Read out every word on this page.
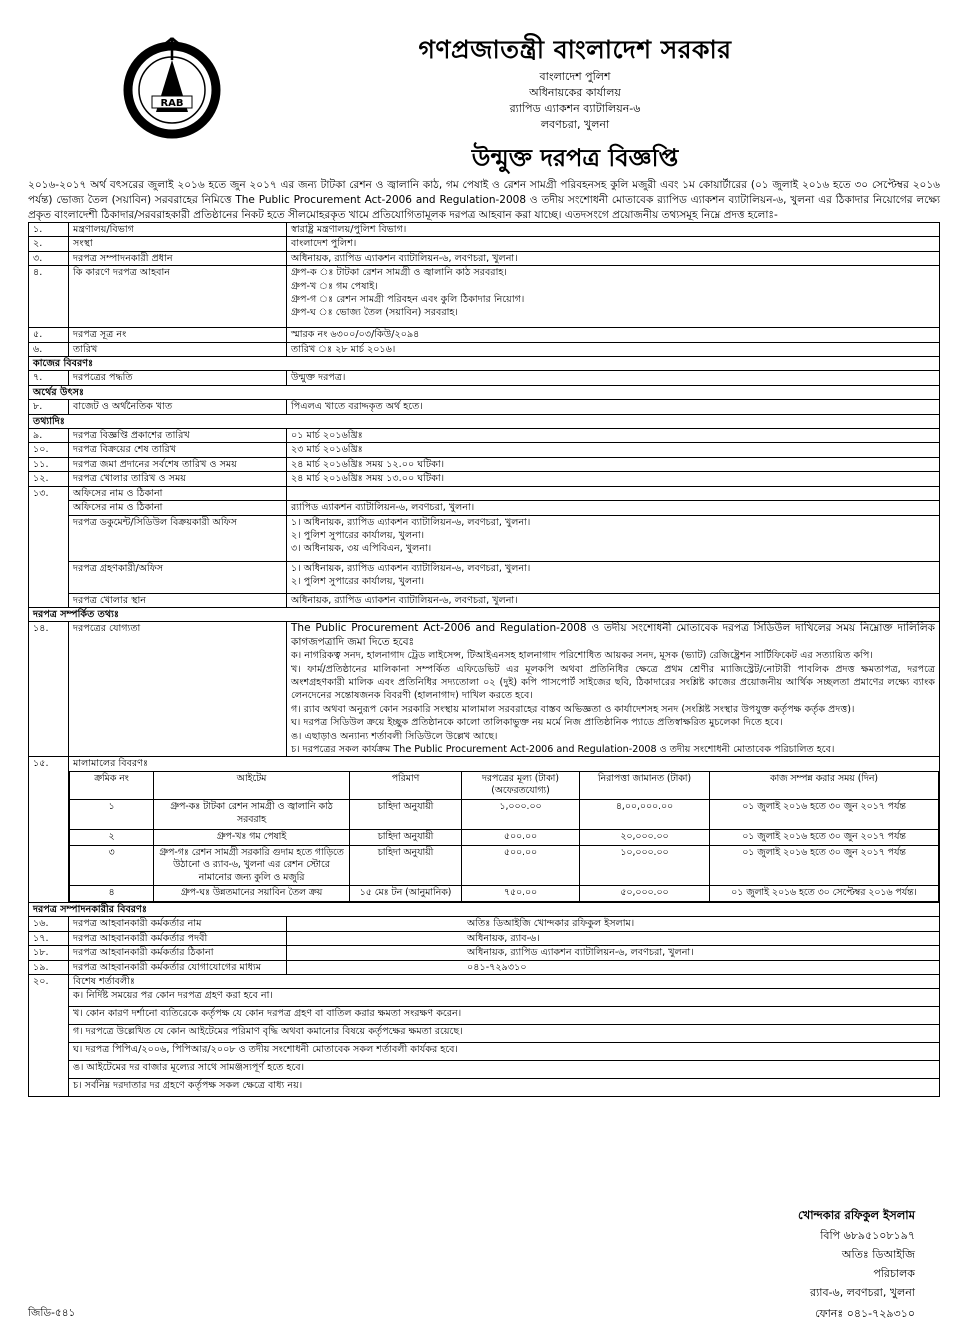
RAB
গণপ্রজাতন্ত্রী বাংলাদেশ সরকার
বাংলাদেশ পুলিশ
অধিনায়কের কার্যালয়
র‍্যাপিড এ্যাকশন ব্যাটালিয়ন-৬
লবণচরা, খুলনা
উন্মুক্ত দরপত্র বিজ্ঞপ্তি
২০১৬-২০১৭ অর্থ বৎসরের জুলাই ২০১৬ হতে জুন ২০১৭ এর জন্য টাটকা রেশন ও জ্বালানি কাঠ, গম পেষাই ও রেশন সামগ্রী পরিবহনসহ কুলি মজুরী এবং ১ম কোয়ার্টারের (০১ জুলাই ২০১৬ হতে ৩০ সেপ্টেম্বর ২০১৬ পর্যন্ত) ভোজ্য তৈল (সয়াবিন) সরবরাহের নিমিত্তে The Public Procurement Act-2006 and Regulation-2008 ও তদীয় সংশোধনী মোতাবেক র‍্যাপিড এ্যাকশন ব্যাটালিয়ন-৬, খুলনা এর ঠিকাদার নিয়োগের লক্ষ্যে প্রকৃত বাংলাদেশী ঠিকাদার/সরবরাহকারী প্রতিষ্ঠানের নিকট হতে সীলমোহরকৃত খামে প্রতিযোগিতামূলক দরপত্র আহবান করা যাচ্ছে। এতদসংগে প্রয়োজনীয় তথ্যসমূহ নিম্নে প্রদত্ত হলোঃ-
১.	মন্ত্রণালয়/বিভাগ	স্বারাষ্ট্র মন্ত্রণালয়/পুলিশ বিভাগ।
২.	সংস্থা	বাংলাদেশ পুলিশ।
৩.	দরপত্র সম্পাদনকারী প্রধান	অধিনায়ক, র‍্যাপিড এ্যাকশন ব্যাটালিয়ন-৬, লবণচরা, খুলনা।
৪.	কি কারণে দরপত্র আহবান	গ্রুপ-ক ঃ টাটকা রেশন সামগ্রী ও জ্বালানি কাঠ সরবরাহ।
গ্রুপ-খ ঃ গম পেষাই।
গ্রুপ-গ ঃ রেশন সামগ্রী পরিবহন এবং কুলি ঠিকাদার নিয়োগ।
গ্রুপ-ঘ ঃ ভোজ্য তৈল (সয়াবিন) সরবরাহ।

৫.	দরপত্র সূত্র নং	স্মারক নং ৬৩০০/০৩/কিউ/২০৯৪
৬.	তারিখ	তারিখ ঃ ২৮ মার্চ ২০১৬।
কাজের বিবরণঃ
৭.	দরপত্রের পদ্ধতি	উন্মুক্ত দরপত্র।
অর্থের উৎসঃ
৮.	বাজেট ও অর্থনৈতিক খাত	পিএলএ খাতে বরাদ্দকৃত অর্থ হতে।
তথ্যাদিঃ
৯.	দরপত্র বিজ্ঞপ্তি প্রকাশের তারিখ	০১ মার্চ ২০১৬খ্রিঃ
১০.	দরপত্র বিক্রয়ের শেষ তারিখ	২৩ মার্চ ২০১৬খ্রিঃ
১১.	দরপত্র জমা প্রদানের সর্বশেষ তারিখ ও সময়	২৪ মার্চ ২০১৬খ্রিঃ সময় ১২.০০ ঘটিকা।
১২.	দরপত্র খোলার তারিখ ও সময়	২৪ মার্চ ২০১৬খ্রিঃ সময় ১৩.০০ ঘটিকা।
১৩.	অফিসের নাম ও ঠিকানা	
অফিসের নাম ও ঠিকানা	র‍্যাপিড এ্যাকশন ব্যাটালিয়ন-৬, লবণচরা, খুলনা।
দরপত্র ডকুমেন্ট/সিডিউল বিক্রয়কারী অফিস	১। অধিনায়ক, র‍্যাপিড এ্যাকশন ব্যাটালিয়ন-৬, লবণচরা, খুলনা।
২। পুলিশ সুপারের কার্যালয়, খুলনা।
৩। অধিনায়ক, ৩য় এপিবিএন, খুলনা।

দরপত্র গ্রহণকারী/অফিস	১। অধিনায়ক, র‍্যাপিড এ্যাকশন ব্যাটালিয়ন-৬, লবণচরা, খুলনা।
২। পুলিশ সুপারের কার্যালয়, খুলনা।

দরপত্র খোলার স্থান	অধিনায়ক, র‍্যাপিড এ্যাকশন ব্যাটালিয়ন-৬, লবণচরা, খুলনা।
দরপত্র সম্পর্কিত তথ্যঃ
১৪.	দরপত্রের যোগ্যতা	The Public Procurement Act-2006 and Regulation-2008 ও তদীয় সংশোধনী মোতাবেক দরপত্র সিডিউল দাখিলের সময় নিম্নোক্ত দালিলিক কাগজপত্রাদি জমা দিতে হবেঃ
ক। নাগরিকত্ব সনদ, হালনাগাদ ট্রেড লাইসেন্স, টিআইএনসহ হালনাগাদ পরিশোধিত আয়কর সনদ, মূসক (ভ্যাট) রেজিষ্ট্রেশন সার্টিফিকেট এর সত্যায়িত কপি।
খ। ফার্ম/প্রতিষ্ঠানের মালিকানা সম্পর্কিত এফিডেভিট এর মূলকপি অথবা প্রতিনিধির ক্ষেত্রে প্রথম শ্রেণীর ম্যাজিস্ট্রেট/নোটারী পাবলিক প্রদত্ত ক্ষমতাপত্র, দরপত্রে অংশগ্রহণকারী মালিক এবং প্রতিনিধির সদ্যতোলা ০২ (দুই) কপি পাসপোর্ট সাইজের ছবি, ঠিকাদারের সংশ্লিষ্ট কাজের প্রয়োজনীয় আর্থিক সচ্ছলতা প্রমাণের লক্ষ্যে ব্যাংক লেনদেনের সন্তোষজনক বিবরণী (হালনাগাদ) দাখিল করতে হবে।
গ। র‍্যাব অথবা অনুরূপ কোন সরকারি সংস্থায় মালামাল সরবরাহের বাস্তব অভিজ্ঞতা ও কার্যাদেশসহ সনদ (সংশ্লিষ্ট সংস্থার উপযুক্ত কর্তৃপক্ষ কর্তৃক প্রদত্ত)।
ঘ। দরপত্র সিডিউল ক্রয়ে ইচ্ছুক প্রতিষ্ঠানকে কালো তালিকাভুক্ত নয় মর্মে নিজ প্রাতিষ্ঠানিক প্যাডে প্রতিস্বাক্ষরিত মুচলেকা দিতে হবে।
ঙ। এছাড়াও অন্যান্য শর্তাবলী সিডিউলে উল্লেখ আছে।
চ। দরপত্রের সকল কার্যক্রম The Public Procurement Act-2006 and Regulation-2008 ও তদীয় সংশোধনী মোতাবেক পরিচালিত হবে।

১৫.	মালামালের বিবরণঃ
ক্রমিক নং	আইটেম	পরিমাণ	দরপত্রের মূল্য (টাকা) (অফেরতযোগ্য)	নিরাপত্তা জামানত (টাকা)	কাজ সম্পন্ন করার সময় (দিন)
১	গ্রুপ-কঃ টাটকা রেশন সামগ্রী ও জ্বালানি কাঠ সরবরাহ	চাহিদা অনুযায়ী	১,০০০.০০	৪,০০,০০০.০০	০১ জুলাই ২০১৬ হতে ৩০ জুন ২০১৭ পর্যন্ত
২	গ্রুপ-খঃ গম পেষাই	চাহিদা অনুযায়ী	৫০০.০০	২০,০০০.০০	০১ জুলাই ২০১৬ হতে ৩০ জুন ২০১৭ পর্যন্ত
৩	গ্রুপ-গঃ রেশন সামগ্রী সরকারি গুদাম হতে গাড়িতে উঠানো ও র‍্যাব-৬, খুলনা এর রেশন স্টোরে নামানোর জন্য কুলি ও মজুরি	চাহিদা অনুযায়ী	৫০০.০০	১০,০০০.০০	০১ জুলাই ২০১৬ হতে ৩০ জুন ২০১৭ পর্যন্ত
৪	গ্রুপ-ঘঃ উন্নতমানের সয়াবিন তৈল ক্রয়	১৫ মেঃ টন (আনুমানিক)	৭৫০.০০	৫০,০০০.০০	০১ জুলাই ২০১৬ হতে ৩০ সেপ্টেম্বর ২০১৬ পর্যন্ত।

দরপত্র সম্পাদনকারীর বিবরণঃ
১৬.	দরপত্র আহবানকারী কর্মকর্তার নাম	অতিঃ ডিআইজি খোন্দকার রফিকুল ইসলাম।
১৭.	দরপত্র আহবানকারী কর্মকর্তার পদবী	অধিনায়ক, র‍্যাব-৬।
১৮.	দরপত্র আহবানকারী কর্মকর্তার ঠিকানা	অধিনায়ক, র‍্যাপিড এ্যাকশন ব্যাটালিয়ন-৬, লবণচরা, খুলনা।
১৯.	দরপত্র আহবানকারী কর্মকর্তার যোগাযোগের মাধ্যম	০৪১-৭২৯৩১০
২০.	বিশেষ শর্তাবলীঃ
ক। নির্দিষ্ট সময়ের পর কোন দরপত্র গ্রহণ করা হবে না।
খ। কোন কারণ দর্শানো ব্যতিরেকে কর্তৃপক্ষ যে কোন দরপত্র গ্রহণ বা বাতিল করার ক্ষমতা সংরক্ষণ করেন।
গ। দরপত্রে উল্লেখিত যে কোন আইটেমের পরিমাণ বৃদ্ধি অথবা কমানোর বিষয়ে কর্তৃপক্ষের ক্ষমতা রয়েছে।
ঘ। দরপত্র পিপিএ/২০০৬, পিপিআর/২০০৮ ও তদীয় সংশোধনী মোতাবেক সকল শর্তাবলী কার্যকর হবে।
ঙ। আইটেমের দর বাজার মূল্যের সাথে সামঞ্জস্যপূর্ণ হতে হবে।
চ। সর্বনিম্ন দরদাতার দর গ্রহণে কর্তৃপক্ষ সকল ক্ষেত্রে বাধ্য নয়।
খোন্দকার রফিকুল ইসলাম
বিপি ৬৮৯৫১০৮১৯৭
অতিঃ ডিআইজি
পরিচালক
র‍্যাব-৬, লবণচরা, খুলনা
ফোনঃ ০৪১-৭২৯৩১০
জিডি-৫৪১
